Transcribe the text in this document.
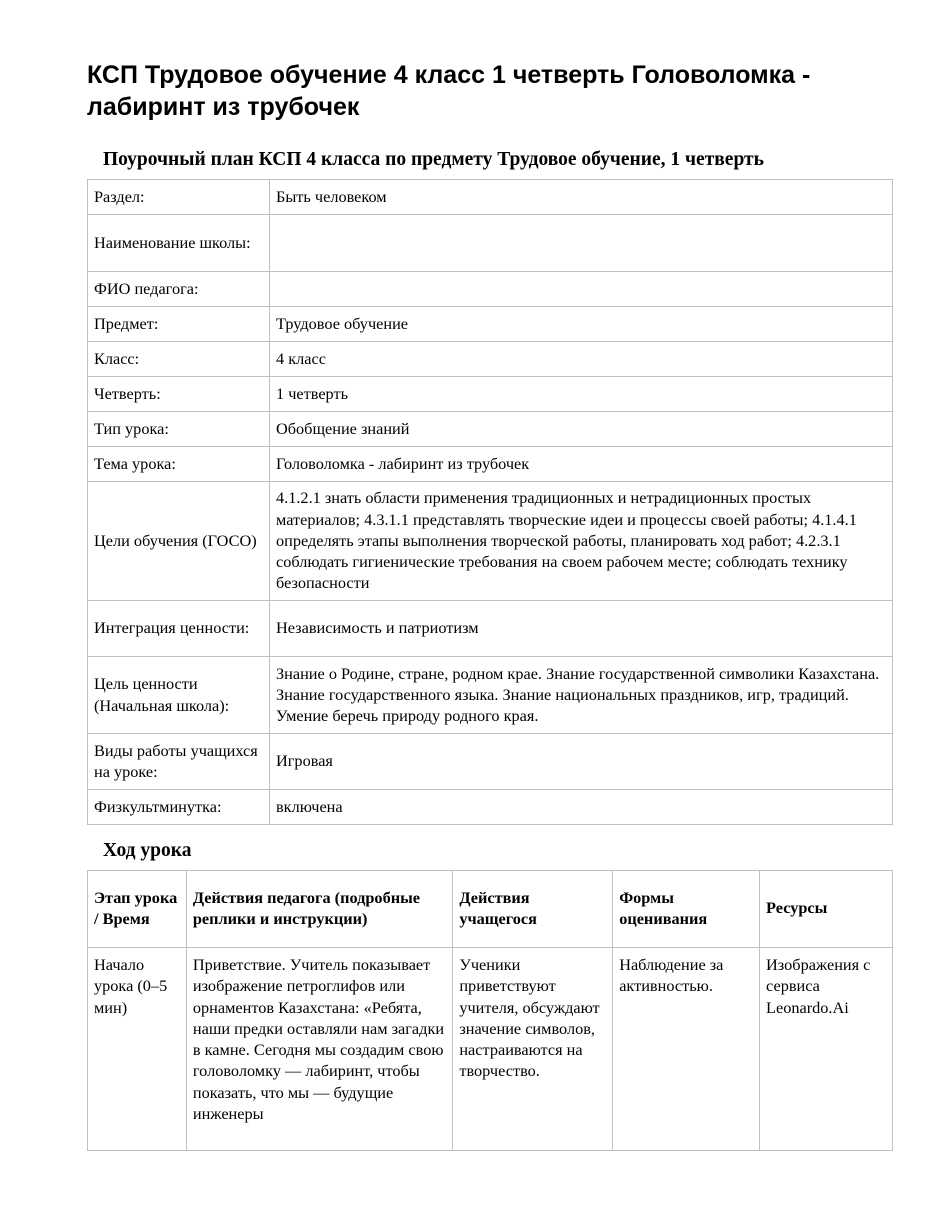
КСП Трудовое обучение 4 класс 1 четверть Головоломка - лабиринт из трубочек
Поурочный план КСП 4 класса по предмету Трудовое обучение, 1 четверть
Раздел:	Быть человеком
Наименование школы:	
ФИО педагога:	
Предмет:	Трудовое обучение
Класс:	4 класс
Четверть:	1 четверть
Тип урока:	Обобщение знаний
Тема урока:	Головоломка - лабиринт из трубочек
Цели обучения (ГОСО)	4.1.2.1 знать области применения традиционных и нетрадиционных простых материалов; 4.3.1.1 представлять творческие идеи и процессы своей работы; 4.1.4.1 определять этапы выполнения творческой работы, планировать ход работ; 4.2.3.1 соблюдать гигиенические требования на своем рабочем месте; соблюдать технику безопасности
Интеграция ценности:	Независимость и патриотизм
Цель ценности (Начальная школа):	Знание о Родине, стране, родном крае. Знание государственной символики Казахстана. Знание государственного языка. Знание национальных праздников, игр, традиций. Умение беречь природу родного края.
Виды работы учащихся на уроке:	Игровая
Физкультминутка:	включена
Ход урока
Этап урока / Время	Действия педагога (подробные реплики и инструкции)	Действия учащегося	Формы оценивания	Ресурсы
Начало урока (0–5 мин)	Приветствие. Учитель показывает изображение петроглифов или орнаментов Казахстана: «Ребята, наши предки оставляли нам загадки в камне. Сегодня мы создадим свою головоломку — лабиринт, чтобы показать, что мы — будущие инженеры	Ученики приветствуют учителя, обсуждают значение символов, настраиваются на творчество.	Наблюдение за активностью.	Изображения с сервиса Leonardo.Ai
